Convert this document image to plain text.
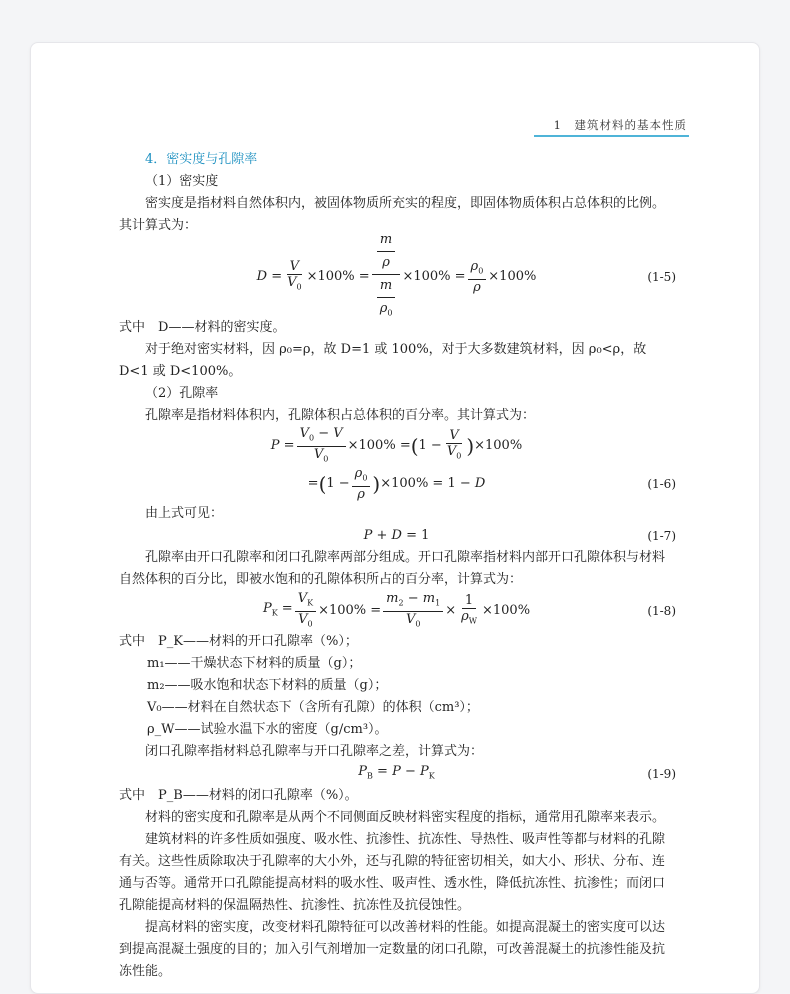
1　建筑材料的基本性质

4．密实度与孔隙率

（1）密实度

密实度是指材料自然体积内，被固体物质所充实的程度，即固体物质体积占总体积的比例。其计算式为：

$D = \frac{V}{V_0} \times 100\% = \frac{\frac{m}{\rho}}{\frac{m}{\rho_0}} \times 100\% = \frac{\rho_0}{\rho} \times 100\%$	(1-5)

式中　 D——材料的密实度。

对于绝对密实材料，因 ρ₀=ρ，故 D=1 或 100%，对于大多数建筑材料，因 ρ₀<ρ，故 D<1 或 D<100%。

（2）孔隙率

孔隙率是指材料体积内，孔隙体积占总体积的百分率。其计算式为：

$P = \frac{V_0 - V}{V_0} \times 100\%$ = ( $1 - \frac{V}{V_0}$ ) ×100%
= ( $1 - \frac{\rho_0}{\rho}$ ) ×100% = 1 − D	(1-6)

由上式可见：

P + D = 1	(1-7)

孔隙率由开口孔隙率和闭口孔隙率两部分组成。开口孔隙率指材料内部开口孔隙体积与材料自然体积的百分比，即被水饱和的孔隙体积所占的百分率，计算式为：

$P_K = \frac{V_K}{V_0} \times 100\% = \frac{m_2 - m_1}{V_0} \times \frac{1}{\rho_W} \times 100\%$	(1-8)

式中　 P_K——材料的开口孔隙率（%）；

m₁——干燥状态下材料的质量（g）；

m₂——吸水饱和状态下材料的质量（g）；

V₀——材料在自然状态下（含所有孔隙）的体积（cm³）；

ρ_W——试验水温下水的密度（g/cm³）。

闭口孔隙率指材料总孔隙率与开口孔隙率之差，计算式为：

$P_B = P - P_K$	(1-9)

式中　 P_B——材料的闭口孔隙率（%）。

材料的密实度和孔隙率是从两个不同侧面反映材料密实程度的指标，通常用孔隙率来表示。

建筑材料的许多性质如强度、吸水性、抗渗性、抗冻性、导热性、吸声性等都与材料的孔隙有关。这些性质除取决于孔隙率的大小外，还与孔隙的特征密切相关，如大小、形状、分布、连通与否等。通常开口孔隙能提高材料的吸水性、吸声性、透水性，降低抗冻性、抗渗性；而闭口孔隙能提高材料的保温隔热性、抗渗性、抗冻性及抗侵蚀性。

提高材料的密实度，改变材料孔隙特征可以改善材料的性能。如提高混凝土的密实度可以达到提高混凝土强度的目的；加入引气剂增加一定数量的闭口孔隙，可改善混凝土的抗渗性能及抗冻性能。
